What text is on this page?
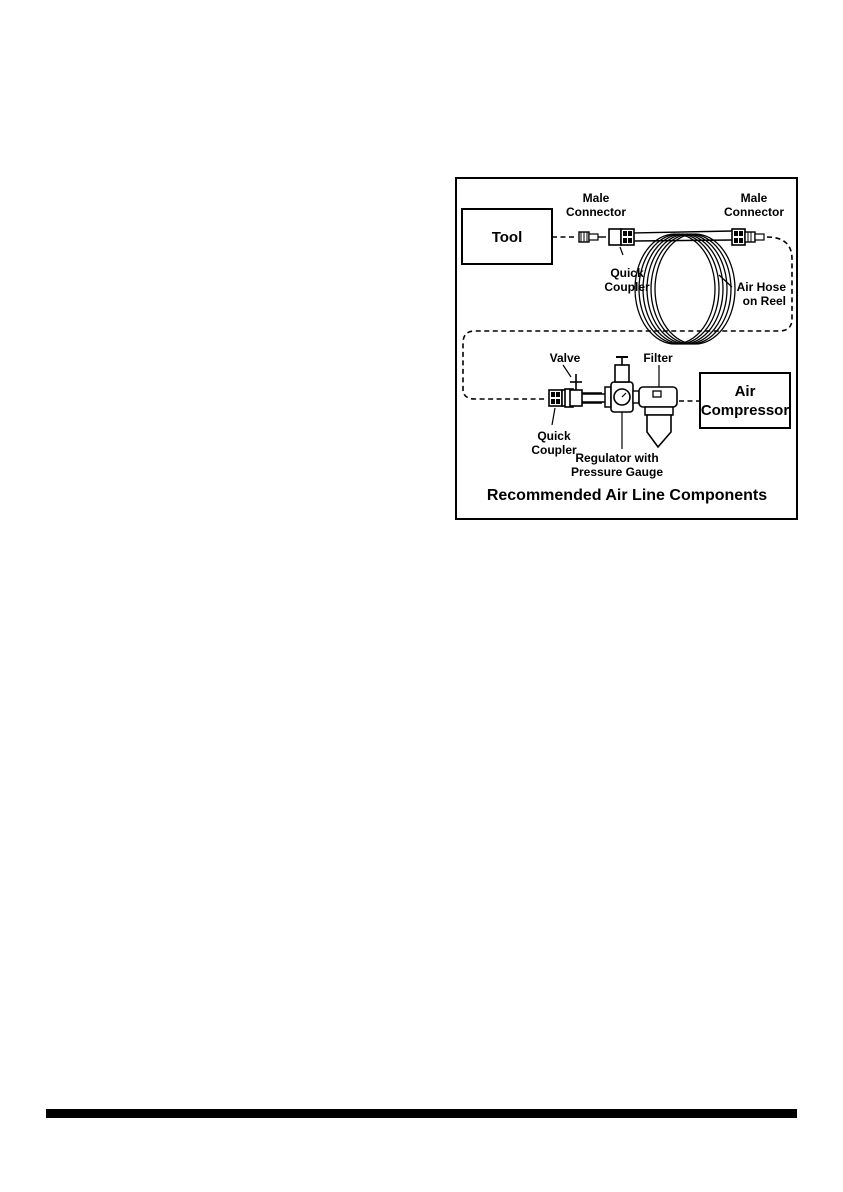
Tool
Male
Connector
Quick
Coupler
Male
Connector
Air Hose
on Reel
Air
Compressor
Quick
Coupler
Valve
Regulator with
Pressure Gauge
Filter
Recommended Air Line Components
